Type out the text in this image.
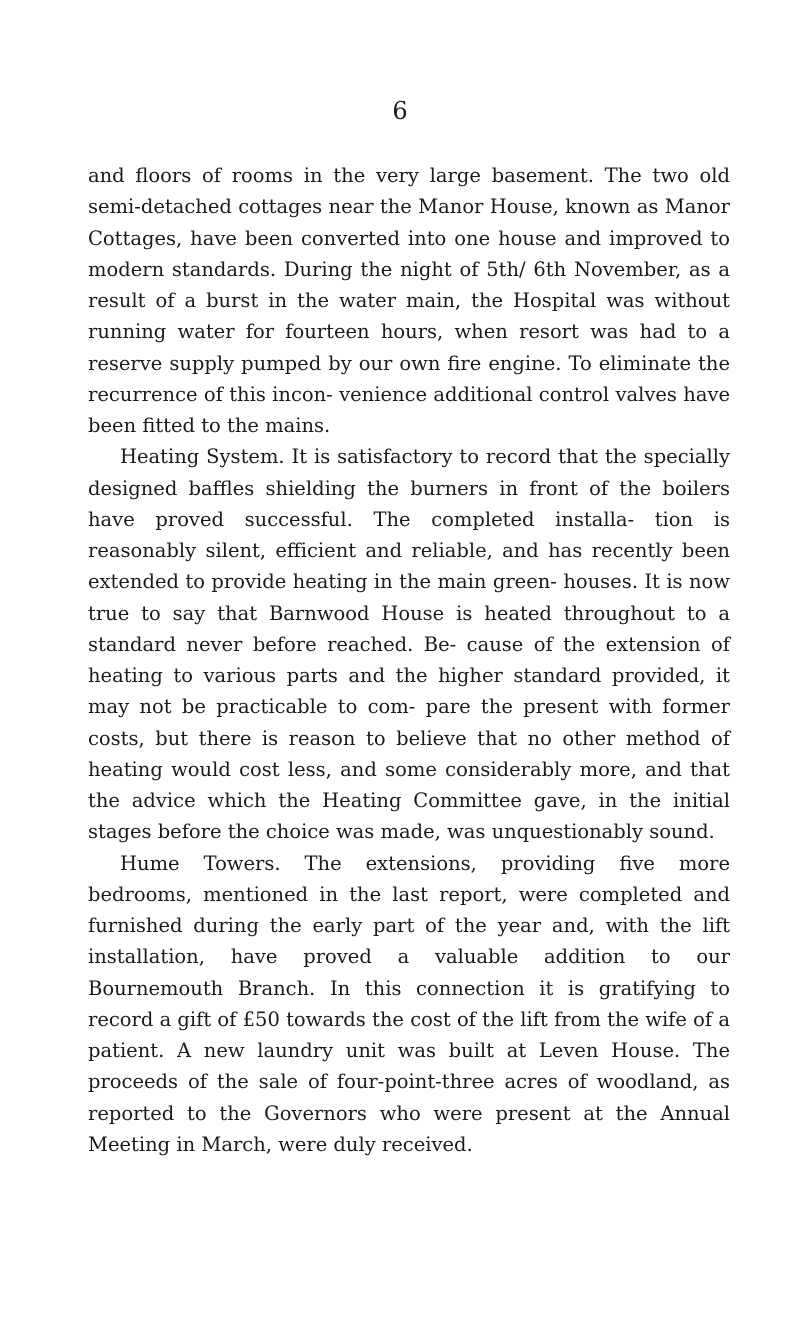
6

and floors of rooms in the very large basement. The two old semi-detached cottages near the Manor House, known as Manor Cottages, have been converted into one house and improved to modern standards. During the night of 5th/ 6th November, as a result of a burst in the water main, the Hospital was without running water for fourteen hours, when resort was had to a reserve supply pumped by our own fire engine. To eliminate the recurrence of this incon- venience additional control valves have been fitted to the mains.

Heating System. It is satisfactory to record that the specially designed baffles shielding the burners in front of the boilers have proved successful. The completed installa- tion is reasonably silent, efficient and reliable, and has recently been extended to provide heating in the main green- houses. It is now true to say that Barnwood House is heated throughout to a standard never before reached. Be- cause of the extension of heating to various parts and the higher standard provided, it may not be practicable to com- pare the present with former costs, but there is reason to believe that no other method of heating would cost less, and some considerably more, and that the advice which the Heating Committee gave, in the initial stages before the choice was made, was unquestionably sound.

Hume Towers. The extensions, providing five more bedrooms, mentioned in the last report, were completed and furnished during the early part of the year and, with the lift installation, have proved a valuable addition to our Bournemouth Branch. In this connection it is gratifying to record a gift of £50 towards the cost of the lift from the wife of a patient. A new laundry unit was built at Leven House. The proceeds of the sale of four-point-three acres of woodland, as reported to the Governors who were present at the Annual Meeting in March, were duly received.
